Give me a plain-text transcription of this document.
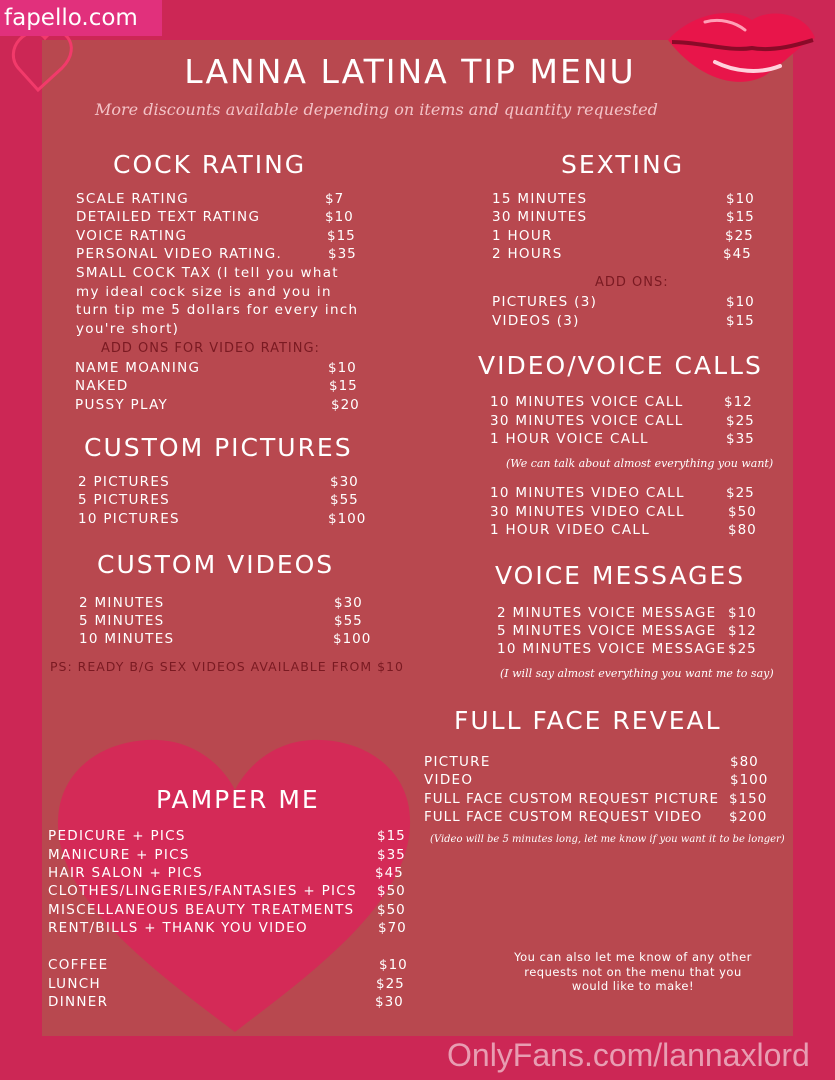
fapello.com
LANNA LATINA TIP MENU
More discounts available depending on items and quantity requested
COCK RATING
SCALE RATING	$7
DETAILED TEXT RATING	$10
VOICE RATING	$15
PERSONAL VIDEO RATING.	$35
SMALL COCK TAX (I tell you what my ideal cock size is and you in turn tip me 5 dollars for every inch you're short)
ADD ONS FOR VIDEO RATING:
NAME MOANING	$10
NAKED	$15
PUSSY PLAY	$20
CUSTOM PICTURES
2 PICTURES	$30
5 PICTURES	$55
10 PICTURES	$100
CUSTOM VIDEOS
2 MINUTES	$30
5 MINUTES	$55
10 MINUTES	$100
PS: READY B/G SEX VIDEOS AVAILABLE FROM $10
SEXTING
15 MINUTES	$10
30 MINUTES	$15
1 HOUR	$25
2 HOURS	$45
ADD ONS:
PICTURES (3)	$10
VIDEOS (3)	$15
VIDEO/VOICE CALLS
10 MINUTES VOICE CALL	$12
30 MINUTES VOICE CALL	$25
1 HOUR VOICE CALL	$35
(We can talk about almost everything you want)
10 MINUTES VIDEO CALL	$25
30 MINUTES VIDEO CALL	$50
1 HOUR VIDEO CALL	$80
VOICE MESSAGES
2 MINUTES VOICE MESSAGE $10
5 MINUTES VOICE MESSAGE $12
10 MINUTES VOICE MESSAGE $25
(I will say almost everything you want me to say)
FULL FACE REVEAL
PICTURE	$80
VIDEO	$100
FULL FACE CUSTOM REQUEST PICTURE $150
FULL FACE CUSTOM REQUEST VIDEO $200
(Video will be 5 minutes long, let me know if you want it to be longer)
PAMPER ME
PEDICURE + PICS	$15
MANICURE + PICS	$35
HAIR SALON + PICS	$45
CLOTHES/LINGERIES/FANTASIES + PICS $50
MISCELLANEOUS BEAUTY TREATMENTS $50
RENT/BILLS + THANK YOU VIDEO	$70
COFFEE	$10
LUNCH	$25
DINNER	$30
You can also let me know of any other requests not on the menu that you would like to make!
OnlyFans.com/lannaxlord
